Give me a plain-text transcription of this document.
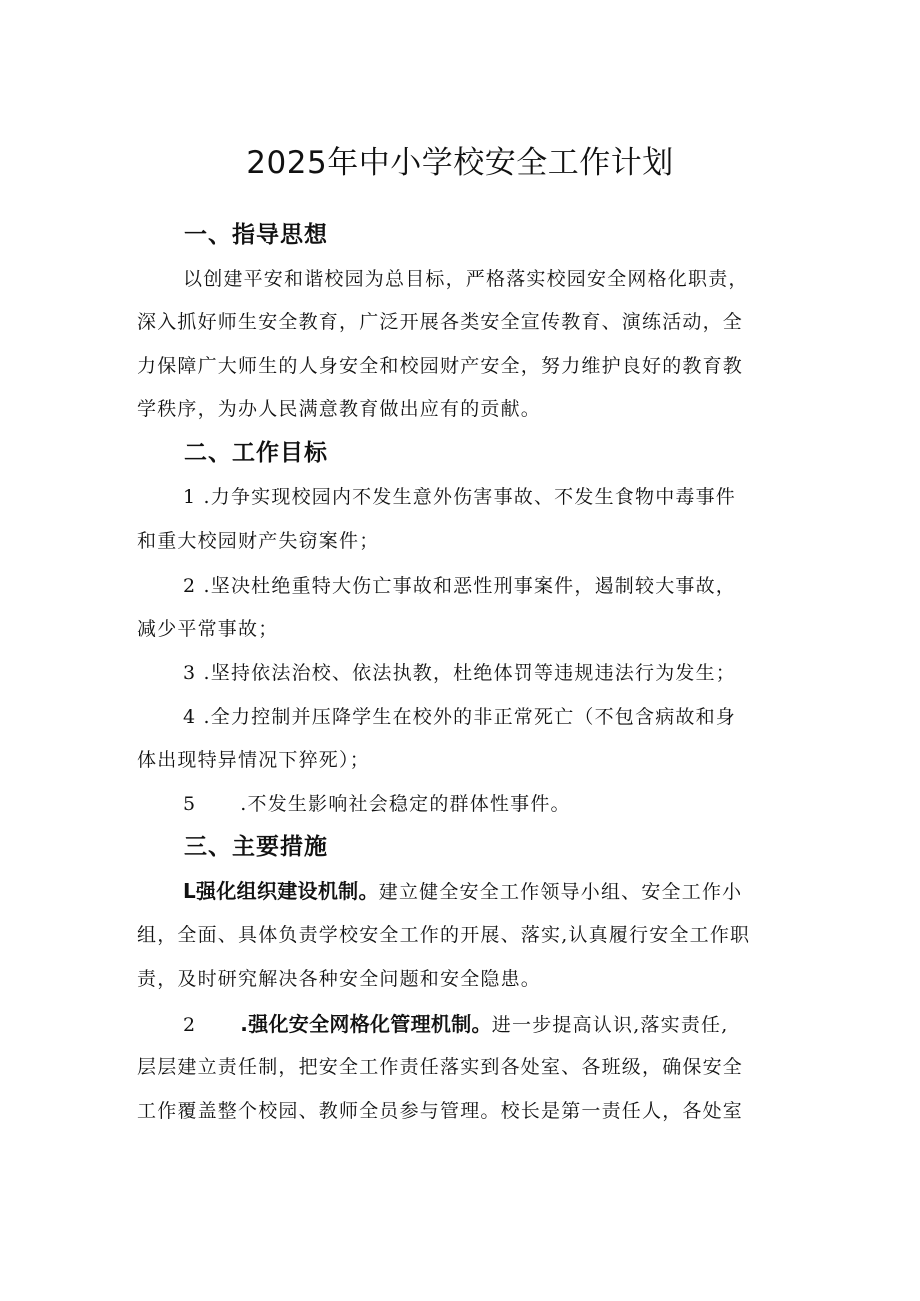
2025年中小学校安全工作计划
一、指导思想
以创建平安和谐校园为总目标，严格落实校园安全网格化职责，
深入抓好师生安全教育，广泛开展各类安全宣传教育、演练活动，全
力保障广大师生的人身安全和校园财产安全，努力维护良好的教育教
学秩序，为办人民满意教育做出应有的贡献。
二、工作目标
1 .力争实现校园内不发生意外伤害事故、不发生食物中毒事件
和重大校园财产失窃案件；
2 .坚决杜绝重特大伤亡事故和恶性刑事案件，遏制较大事故，
减少平常事故；
3 .坚持依法治校、依法执教，杜绝体罚等违规违法行为发生；
4 .全力控制并压降学生在校外的非正常死亡（不包含病故和身
体出现特异情况下猝死）；
5 .不发生影响社会稳定的群体性事件。
三、主要措施
L强化组织建设机制。建立健全安全工作领导小组、安全工作小
组，全面、具体负责学校安全工作的开展、落实,认真履行安全工作职
责，及时研究解决各种安全问题和安全隐患。
2 .强化安全网格化管理机制。进一步提高认识,落实责任,
层层建立责任制，把安全工作责任落实到各处室、各班级，确保安全
工作覆盖整个校园、教师全员参与管理。校长是第一责任人，各处室
